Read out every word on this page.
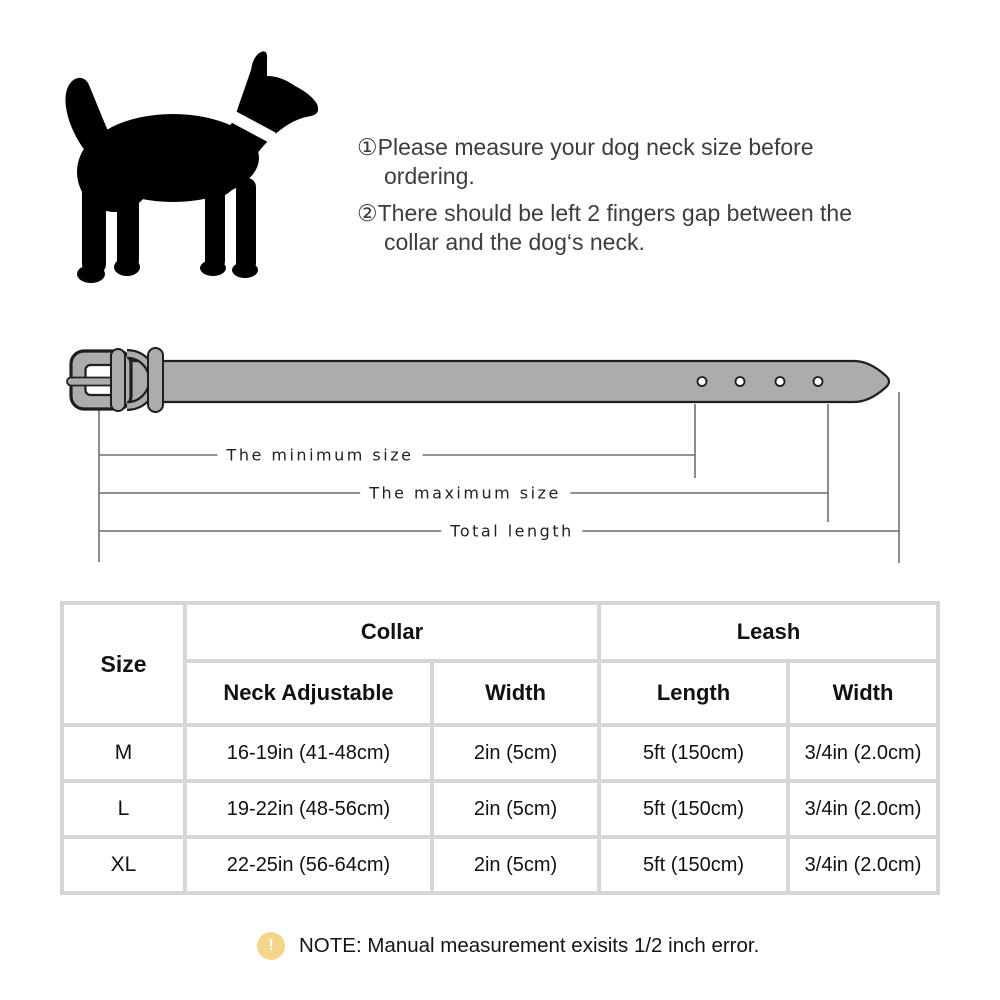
①Please measure your dog neck size before ordering.
②There should be left 2 fingers gap between the collar and the dog‘s neck.
The minimum size
The maximum size
Total length
Size	Collar		Leash	
	Neck Adjustable	Width	Length	Width
M	16-19in (41-48cm)	2in (5cm)	5ft (150cm)	3/4in (2.0cm)
L	19-22in (48-56cm)	2in (5cm)	5ft (150cm)	3/4in (2.0cm)
XL	22-25in (56-64cm)	2in (5cm)	5ft (150cm)	3/4in (2.0cm)
!	NOTE: Manual measurement exisits 1/2 inch error.
